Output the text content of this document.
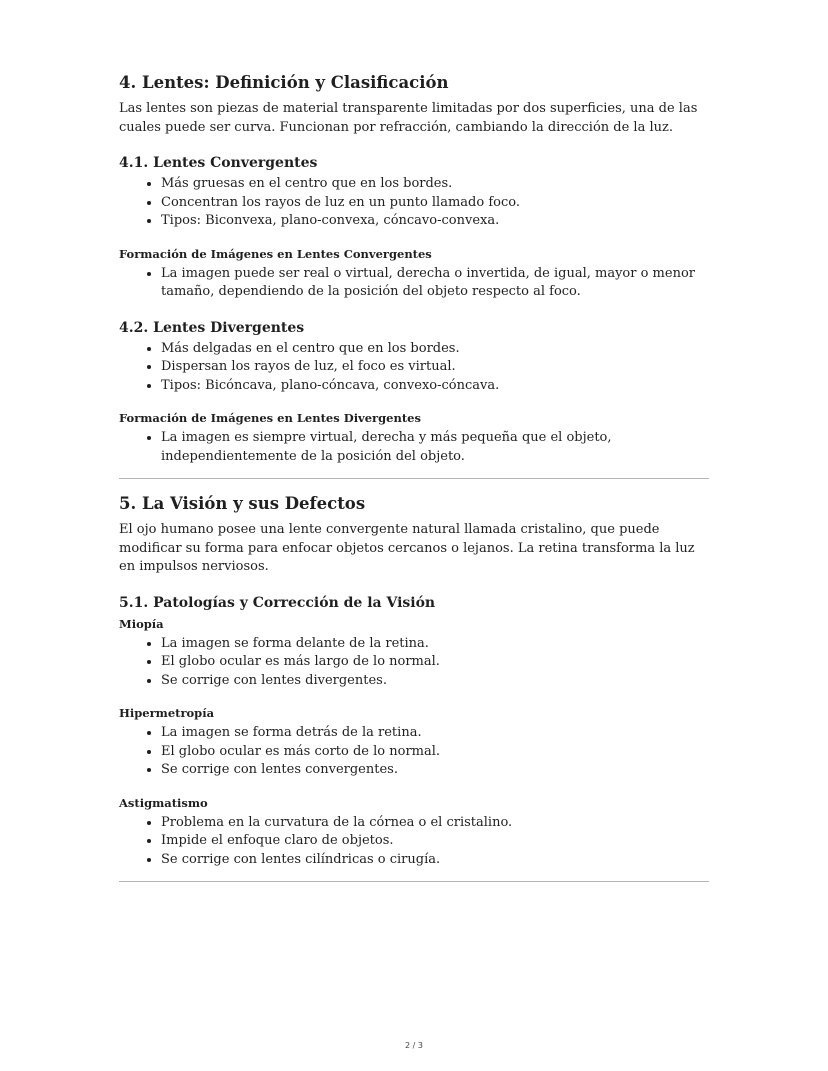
4. Lentes: Definición y Clasificación

Las lentes son piezas de material transparente limitadas por dos superficies, una de las cuales puede ser curva. Funcionan por refracción, cambiando la dirección de la luz.

4.1. Lentes Convergentes
• Más gruesas en el centro que en los bordes.
• Concentran los rayos de luz en un punto llamado foco.
• Tipos: Biconvexa, plano-convexa, cóncavo-convexa.
Formación de Imágenes en Lentes Convergentes
• La imagen puede ser real o virtual, derecha o invertida, de igual, mayor o menor tamaño, dependiendo de la posición del objeto respecto al foco.
4.2. Lentes Divergentes
• Más delgadas en el centro que en los bordes.
• Dispersan los rayos de luz, el foco es virtual.
• Tipos: Bicóncava, plano-cóncava, convexo-cóncava.
Formación de Imágenes en Lentes Divergentes
• La imagen es siempre virtual, derecha y más pequeña que el objeto, independientemente de la posición del objeto.
5. La Visión y sus Defectos

El ojo humano posee una lente convergente natural llamada cristalino, que puede modificar su forma para enfocar objetos cercanos o lejanos. La retina transforma la luz en impulsos nerviosos.

5.1. Patologías y Corrección de la Visión
Miopía
• La imagen se forma delante de la retina.
• El globo ocular es más largo de lo normal.
• Se corrige con lentes divergentes.
Hipermetropía
• La imagen se forma detrás de la retina.
• El globo ocular es más corto de lo normal.
• Se corrige con lentes convergentes.
Astigmatismo
• Problema en la curvatura de la córnea o el cristalino.
• Impide el enfoque claro de objetos.
• Se corrige con lentes cilíndricas o cirugía.
2 / 3
